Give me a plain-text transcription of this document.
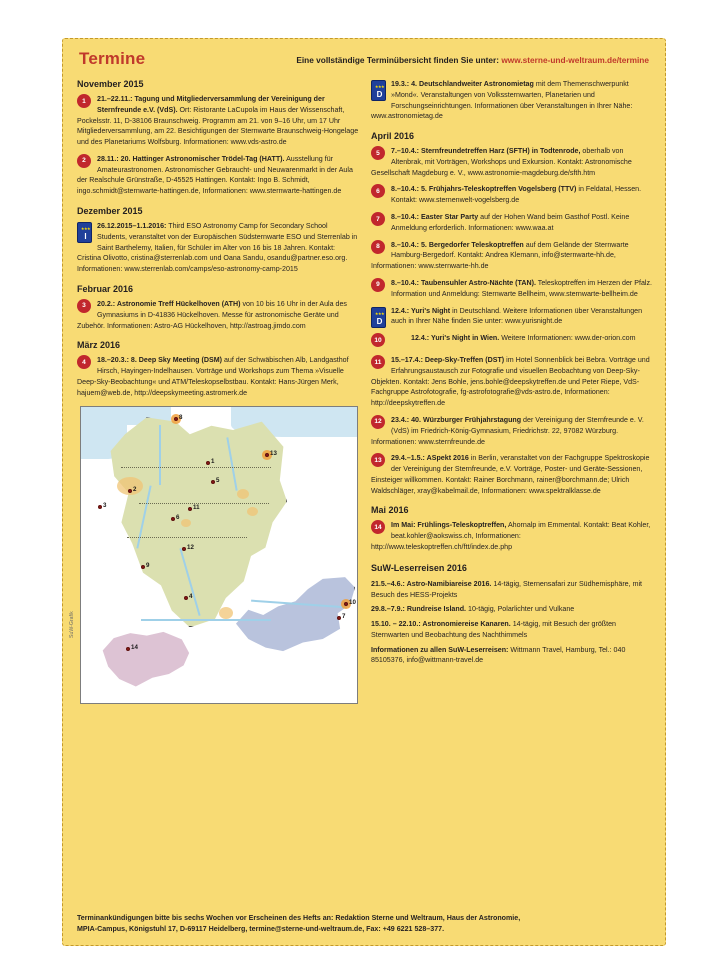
Termine	Eine vollständige Terminübersicht finden Sie unter: www.sterne-und-weltraum.de/termine
November 2015
1	21.–22.11.: Tagung und Mitgliederversammlung der Vereinigung der Sternfreunde e.V. (VdS). Ort: Ristorante LaCupola im Haus der Wissenschaft, Pockelsstr. 11, D-38106 Braunschweig. Programm am 21. von 9–16 Uhr, um 17 Uhr Mitgliederversammlung, am 22. Besichtigungen der Sternwarte Braunschweig-Hongelage und des Planetariums Wolfsburg. Informationen: www.vds-astro.de
2	28.11.: 20. Hattinger Astronomischer Trödel-Tag (HATT). Ausstellung für Amateurastronomen. Astronomischer Gebraucht- und Neuwarenmarkt in der Aula der Realschule Grünstraße, D-45525 Hattingen. Kontakt: Ingo B. Schmidt, ingo.schmidt@sternwarte-hattingen.de, Informationen: www.sternwarte-hattingen.de
Dezember 2015
★★★
I
26.12.2015–1.1.2016: Third ESO Astronomy Camp for Secondary School Students, veranstaltet von der Europäischen Südsternwarte ESO und Sterrenlab in Saint Barthelemy, Italien, für Schüler im Alter von 16 bis 18 Jahren. Kontakt: Cristina Olivotto, cristina@sterrenlab.com und Oana Sandu, osandu@partner.eso.org. Informationen: www.sterrenlab.com/camps/eso-astronomy-camp-2015
Februar 2016
3	20.2.: Astronomie Treff Hückelhoven (ATH) von 10 bis 16 Uhr in der Aula des Gymnasiums in D-41836 Hückelhoven. Messe für astronomische Geräte und Zubehör. Informationen: Astro-AG Hückelhoven, http://astroag.jimdo.com
März 2016
4	18.–20.3.: 8. Deep Sky Meeting (DSM) auf der Schwäbischen Alb, Landgasthof Hirsch, Hayingen-Indelhausen. Vorträge und Workshops zum Thema »Visuelle Deep-Sky-Beobachtung« und ATM/Teleskopselbstbau. Kontakt: Hans-Jürgen Merk, hajuem@web.de, http://deepskymeeting.astromerk.de
SuW-Grafik
8
13
1
5
2
3	11
6
12
9
4
10
7
14
★★★
D
19.3.: 4. Deutschlandweiter Astronomietag mit dem Themenschwerpunkt »Mond«. Veranstaltungen von Volkssternwarten, Planetarien und Forschungseinrichtungen. Informationen über Veranstaltungen in Ihrer Nähe: www.astronomietag.de
April 2016
5	7.–10.4.: Sternfreundetreffen Harz (SFTH) in Todtenrode, oberhalb von Altenbrak, mit Vorträgen, Workshops und Exkursion. Kontakt: Astronomische Gesellschaft Magdeburg e. V., www.astronomie-magdeburg.de/sfth.htm
6	8.–10.4.: 5. Frühjahrs-Teleskoptreffen Vogelsberg (TTV) in Feldatal, Hessen. Kontakt: www.sternenwelt-vogelsberg.de
7	8.–10.4.: Easter Star Party auf der Hohen Wand beim Gasthof Postl. Keine Anmeldung erforderlich. Informationen: www.waa.at
8	8.–10.4.: 5. Bergedorfer Teleskoptreffen auf dem Gelände der Sternwarte Hamburg-Bergedorf. Kontakt: Andrea Klemann, info@sternwarte-hh.de, Informationen: www.sternwarte-hh.de
9	8.–10.4.: Taubensuhler Astro-Nächte (TAN). Teleskoptreffen im Herzen der Pfalz. Information und Anmeldung: Sternwarte Bellheim, www.sternwarte-bellheim.de
★★★
D
12.4.: Yuri's Night in Deutschland. Weitere Informationen über Veranstaltungen auch in Ihrer Nähe finden Sie unter: www.yurisnight.de
10	12.4.: Yuri's Night in Wien. Weitere Informationen: www.der-orion.com
11	15.–17.4.: Deep-Sky-Treffen (DST) im Hotel Sonnenblick bei Bebra. Vorträge und Erfahrungsaustausch zur Fotografie und visuellen Beobachtung von Deep-Sky-Objekten. Kontakt: Jens Bohle, jens.bohle@deepskytreffen.de und Peter Riepe, VdS-Fachgruppe Astrofotografie, fg-astrofotografie@vds-astro.de, Informationen: http://deepskytreffen.de
12	23.4.: 40. Würzburger Frühjahrstagung der Vereinigung der Sternfreunde e. V. (VdS) im Friedrich-König-Gymnasium, Friedrichstr. 22, 97082 Würzburg. Informationen: www.sternfreunde.de
13	29.4.–1.5.: ASpekt 2016 in Berlin, veranstaltet von der Fachgruppe Spektroskopie der Vereinigung der Sternfreunde, e.V. Vorträge, Poster- und Geräte-Sessionen, Einsteiger willkommen. Kontakt: Rainer Borchmann, rainer@borchmann.de; Ulrich Waldschläger, xray@kabelmail.de, Informationen: www.spektralklasse.de
Mai 2016
14	Im Mai: Frühlings-Teleskoptreffen, Ahornalp im Emmental. Kontakt: Beat Kohler, beat.kohler@aokswiss.ch, Informationen: http://www.teleskoptreffen.ch/ftt/index.de.php
SuW-Leserreisen 2016
21.5.–4.6.: Astro-Namibiareise 2016. 14-tägig, Sternensafari zur Südhemisphäre, mit Besuch des HESS-Projekts
29.8.–7.9.: Rundreise Island. 10-tägig, Polarlichter und Vulkane
15.10. – 22.10.: Astronomiereise Kanaren. 14-tägig, mit Besuch der größten Sternwarten und Beobachtung des Nachthimmels
Informationen zu allen SuW-Leserreisen: Wittmann Travel, Hamburg, Tel.: 040 85105376, info@wittmann-travel.de
Terminankündigungen bitte bis sechs Wochen vor Erscheinen des Hefts an: Redaktion Sterne und Weltraum, Haus der Astronomie,
MPIA-Campus, Königstuhl 17, D-69117 Heidelberg, termine@sterne-und-weltraum.de, Fax: +49 6221 528–377.
